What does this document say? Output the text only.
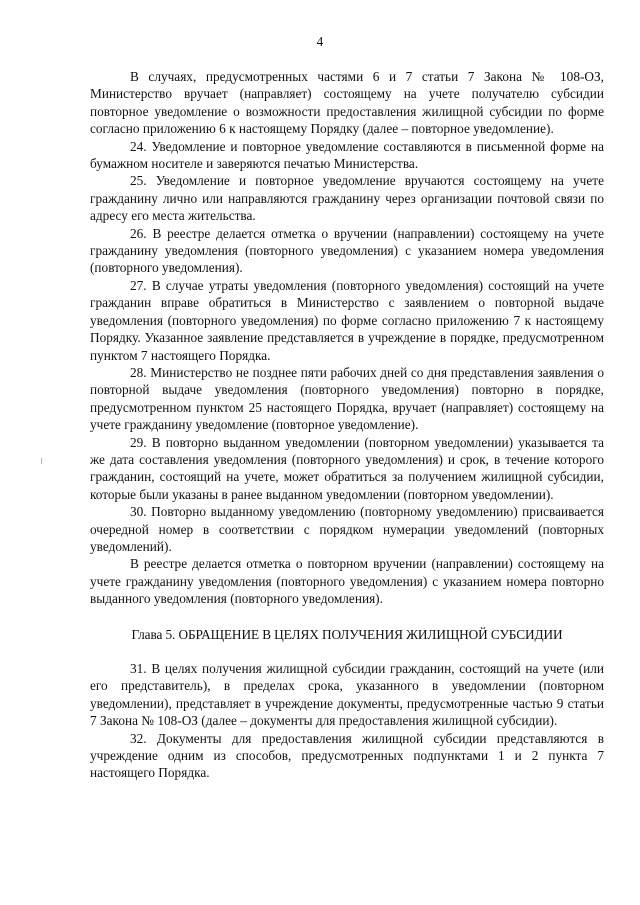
4

В случаях, предусмотренных частями 6 и 7 статьи 7 Закона № 108-ОЗ, Министерство вручает (направляет) состоящему на учете получателю субсидии повторное уведомление о возможности предоставления жилищной субсидии по форме согласно приложению 6 к настоящему Порядку (далее – повторное уведомление).

24. Уведомление и повторное уведомление составляются в письменной форме на бумажном носителе и заверяются печатью Министерства.

25. Уведомление и повторное уведомление вручаются состоящему на учете гражданину лично или направляются гражданину через организации почтовой связи по адресу его места жительства.

26. В реестре делается отметка о вручении (направлении) состоящему на учете гражданину уведомления (повторного уведомления) с указанием номера уведомления (повторного уведомления).

27. В случае утраты уведомления (повторного уведомления) состоящий на учете гражданин вправе обратиться в Министерство с заявлением о повторной выдаче уведомления (повторного уведомления) по форме согласно приложению 7 к настоящему Порядку. Указанное заявление представляется в учреждение в порядке, предусмотренном пунктом 7 настоящего Порядка.

28. Министерство не позднее пяти рабочих дней со дня представления заявления о повторной выдаче уведомления (повторного уведомления) повторно в порядке, предусмотренном пунктом 25 настоящего Порядка, вручает (направляет) состоящему на учете гражданину уведомление (повторное уведомление).

29. В повторно выданном уведомлении (повторном уведомлении) указывается та же дата составления уведомления (повторного уведомления) и срок, в течение которого гражданин, состоящий на учете, может обратиться за получением жилищной субсидии, которые были указаны в ранее выданном уведомлении (повторном уведомлении).

30. Повторно выданному уведомлению (повторному уведомлению) присваивается очередной номер в соответствии с порядком нумерации уведомлений (повторных уведомлений).

В реестре делается отметка о повторном вручении (направлении) состоящему на учете гражданину уведомления (повторного уведомления) с указанием номера повторно выданного уведомления (повторного уведомления).

Глава 5. ОБРАЩЕНИЕ В ЦЕЛЯХ ПОЛУЧЕНИЯ ЖИЛИЩНОЙ СУБСИДИИ

31. В целях получения жилищной субсидии гражданин, состоящий на учете (или его представитель), в пределах срока, указанного в уведомлении (повторном уведомлении), представляет в учреждение документы, предусмотренные частью 9 статьи 7 Закона № 108-ОЗ (далее – документы для предоставления жилищной субсидии).

32. Документы для предоставления жилищной субсидии представляются в учреждение одним из способов, предусмотренных подпунктами 1 и 2 пункта 7 настоящего Порядка.
